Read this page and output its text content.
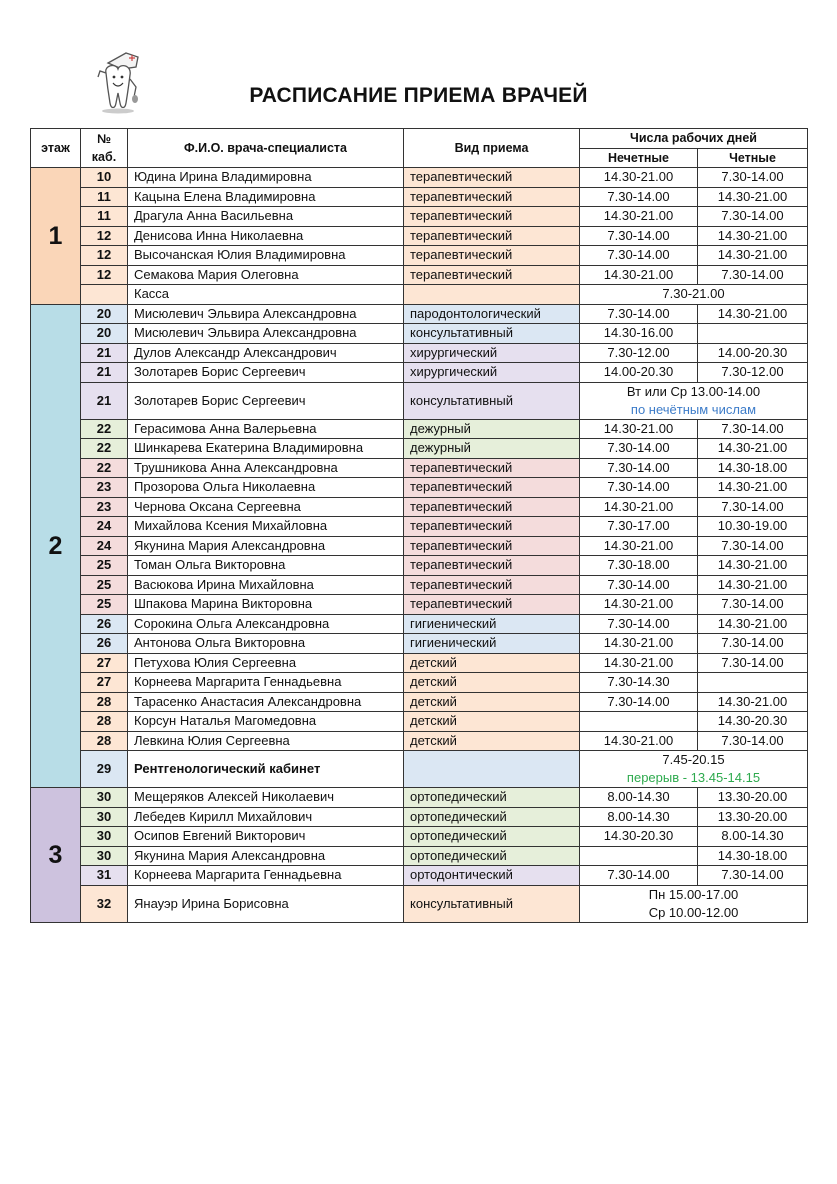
РАСПИСАНИЕ ПРИЕМА ВРАЧЕЙ
этаж	№
каб.	Ф.И.О. врача-специалиста	Вид приема	Числа рабочих дней	
				Нечетные	Четные
1	10	Юдина Ирина Владимировна	терапевтический	14.30-21.00	7.30-14.00
	11	Кацына Елена Владимировна	терапевтический	7.30-14.00	14.30-21.00
	11	Драгула Анна Васильевна	терапевтический	14.30-21.00	7.30-14.00
	12	Денисова Инна Николаевна	терапевтический	7.30-14.00	14.30-21.00
	12	Высочанская Юлия Владимировна	терапевтический	7.30-14.00	14.30-21.00
	12	Семакова Мария Олеговна	терапевтический	14.30-21.00	7.30-14.00
		Касса		7.30-21.00	

2	20	Мисюлевич Эльвира Александровна	пародонтологический	7.30-14.00	14.30-21.00
	20	Мисюлевич Эльвира Александровна	консультативный	14.30-16.00	
	21	Дулов Александр Александрович	хирургический	7.30-12.00	14.00-20.30
	21	Золотарев Борис Сергеевич	хирургический	14.00-20.30	7.30-12.00
	21	Золотарев Борис Сергеевич	консультативный	Вт или Ср 13.00-14.00
по нечётным числам	

	22	Герасимова Анна Валерьевна	дежурный	14.30-21.00	7.30-14.00
	22	Шинкарева Екатерина Владимировна	дежурный	7.30-14.00	14.30-21.00
	22	Трушникова Анна Александровна	терапевтический	7.30-14.00	14.30-18.00
	23	Прозорова Ольга Николаевна	терапевтический	7.30-14.00	14.30-21.00
	23	Чернова Оксана Сергеевна	терапевтический	14.30-21.00	7.30-14.00
	24	Михайлова Ксения Михайловна	терапевтический	7.30-17.00	10.30-19.00
	24	Якунина Мария Александровна	терапевтический	14.30-21.00	7.30-14.00
	25	Томан Ольга Викторовна	терапевтический	7.30-18.00	14.30-21.00
	25	Васюкова Ирина Михайловна	терапевтический	7.30-14.00	14.30-21.00
	25	Шпакова Марина Викторовна	терапевтический	14.30-21.00	7.30-14.00
	26	Сорокина Ольга Александровна	гигиенический	7.30-14.00	14.30-21.00
	26	Антонова Ольга Викторовна	гигиенический	14.30-21.00	7.30-14.00
	27	Петухова Юлия Сергеевна	детский	14.30-21.00	7.30-14.00
	27	Корнеева Маргарита Геннадьевна	детский	7.30-14.30	
	28	Тарасенко Анастасия Александровна	детский	7.30-14.00	14.30-21.00
	28	Корсун Наталья Магомедовна	детский		14.30-20.30
	28	Левкина Юлия Сергеевна	детский	14.30-21.00	7.30-14.00
	29	Рентгенологический кабинет		7.45-20.15
перерыв - 13.45-14.15	

3	30	Мещеряков Алексей Николаевич	ортопедический	8.00-14.30	13.30-20.00
	30	Лебедев Кирилл Михайлович	ортопедический	8.00-14.30	13.30-20.00
	30	Осипов Евгений Викторович	ортопедический	14.30-20.30	8.00-14.30
	30	Якунина Мария Александровна	ортопедический		14.30-18.00
	31	Корнеева Маргарита Геннадьевна	ортодонтический	7.30-14.00	7.30-14.00
	32	Янауэр Ирина Борисовна	консультативный	Пн 15.00-17.00
Ср 10.00-12.00	
